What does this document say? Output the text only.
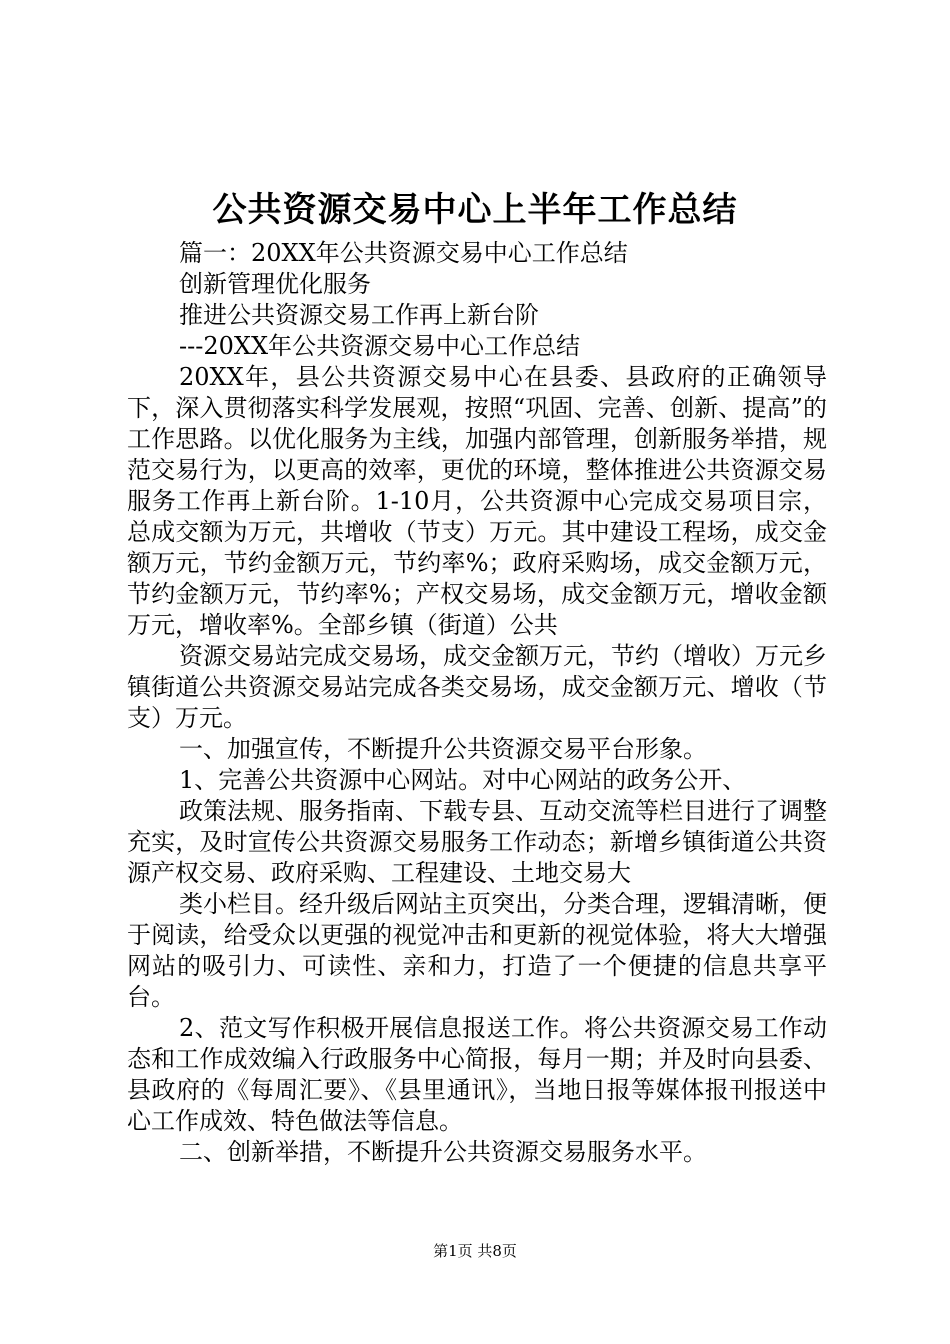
公共资源交易中心上半年工作总结

篇一：20XX年公共资源交易中心工作总结

创新管理优化服务

推进公共资源交易工作再上新台阶

---20XX年公共资源交易中心工作总结

20XX年，县公共资源交易中心在县委、县政府的正确领导下，深入贯彻落实科学发展观，按照“巩固、完善、创新、提高”的工作思路。以优化服务为主线，加强内部管理，创新服务举措，规范交易行为，以更高的效率，更优的环境，整体推进公共资源交易服务工作再上新台阶。1-10月，公共资源中心完成交易项目宗，总成交额为万元，共增收（节支）万元。其中建设工程场，成交金额万元，节约金额万元，节约率%；政府采购场，成交金额万元，节约金额万元，节约率%；产权交易场，成交金额万元，增收金额万元，增收率%。全部乡镇（街道）公共

资源交易站完成交易场，成交金额万元，节约（增收）万元乡镇街道公共资源交易站完成各类交易场，成交金额万元、增收（节支）万元。

一、加强宣传，不断提升公共资源交易平台形象。

1、完善公共资源中心网站。对中心网站的政务公开、

政策法规、服务指南、下载专县、互动交流等栏目进行了调整充实，及时宣传公共资源交易服务工作动态；新增乡镇街道公共资源产权交易、政府采购、工程建设、土地交易大

类小栏目。经升级后网站主页突出，分类合理，逻辑清晰，便于阅读，给受众以更强的视觉冲击和更新的视觉体验，将大大增强网站的吸引力、可读性、亲和力，打造了一个便捷的信息共享平台。

2、范文写作积极开展信息报送工作。将公共资源交易工作动态和工作成效编入行政服务中心简报，每月一期；并及时向县委、县政府的《每周汇要》、《县里通讯》，当地日报等媒体报刊报送中心工作成效、特色做法等信息。

二、创新举措，不断提升公共资源交易服务水平。

第1页 共8页
